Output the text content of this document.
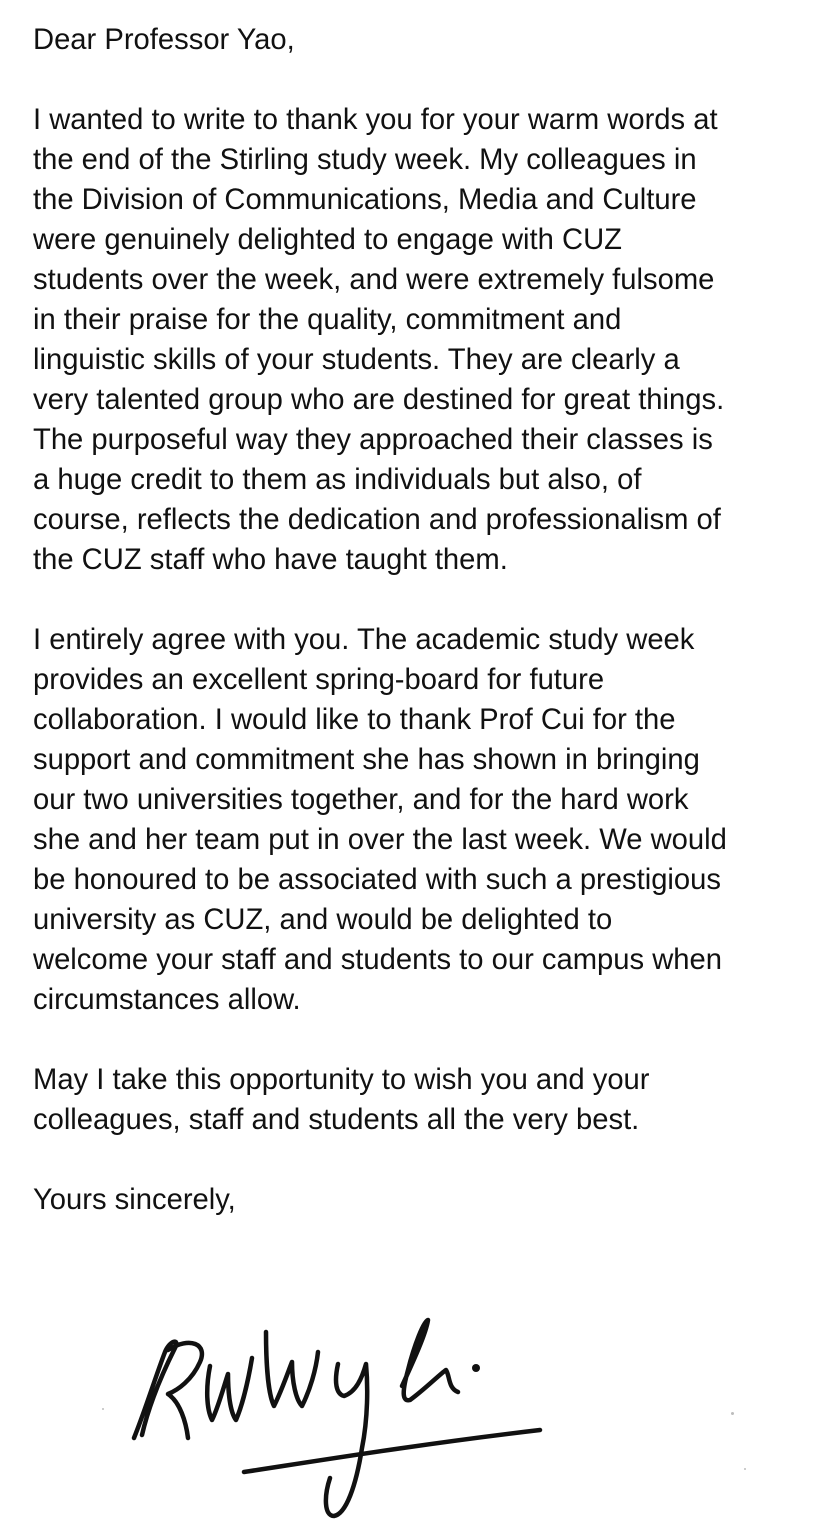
Dear Professor Yao,

I wanted to write to thank you for your warm words at
the end of the Stirling study week. My colleagues in
the Division of Communications, Media and Culture
were genuinely delighted to engage with CUZ
students over the week, and were extremely fulsome
in their praise for the quality, commitment and
linguistic skills of your students. They are clearly a
very talented group who are destined for great things.
The purposeful way they approached their classes is
a huge credit to them as individuals but also, of
course, reflects the dedication and professionalism of
the CUZ staff who have taught them.

I entirely agree with you. The academic study week
provides an excellent spring-board for future
collaboration. I would like to thank Prof Cui for the
support and commitment she has shown in bringing
our two universities together, and for the hard work
she and her team put in over the last week. We would
be honoured to be associated with such a prestigious
university as CUZ, and would be delighted to
welcome your staff and students to our campus when
circumstances allow.

May I take this opportunity to wish you and your
colleagues, staff and students all the very best.

Yours sincerely,
